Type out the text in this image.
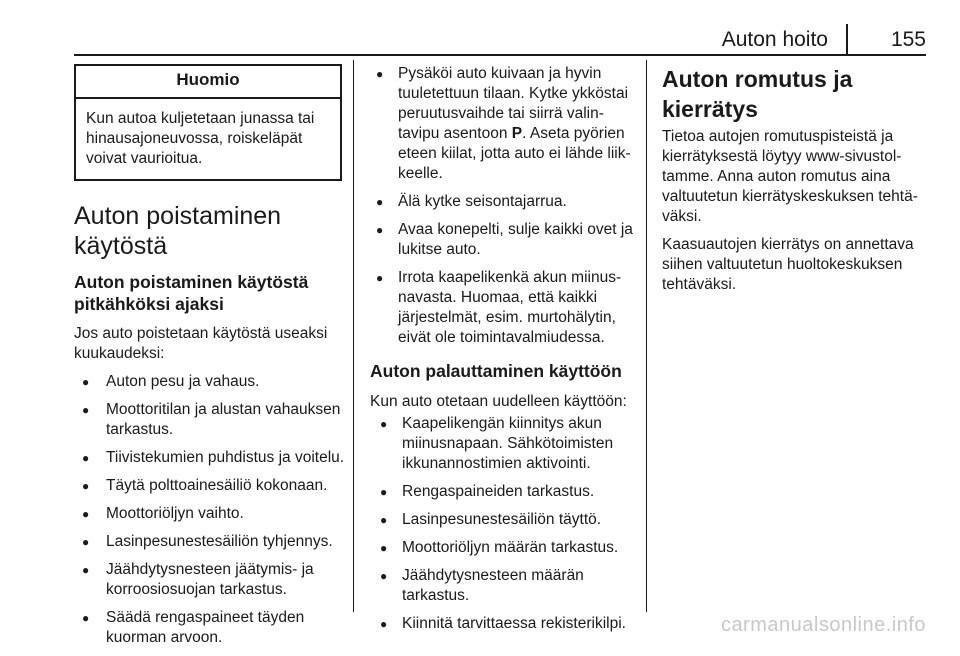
Auton hoito	155
Huomio
Kun autoa kuljetetaan junassa tai hinausajoneuvossa, roiskeläpät voivat vaurioitua.
Auton poistaminen käytöstä
Auton poistaminen käytöstä pitkähköksi ajaksi

Jos auto poistetaan käytöstä useaksi kuukaudeksi:

● Auton pesu ja vahaus.
● Moottoritilan ja alustan vahauksen tarkastus.
● Tiivistekumien puhdistus ja voitelu.
● Täytä polttoainesäiliö kokonaan.
● Moottoriöljyn vaihto.
● Lasinpesunestesäiliön tyhjennys.
● Jäähdytysnesteen jäätymis- ja korroosiosuojan tarkastus.
● Säädä rengaspaineet täyden kuorman arvoon.
● Pysäköi auto kuivaan ja hyvin tuuletettuun tilaan. Kytke ykköstai peruutusvaihde tai siirrä valintavipu asentoon P. Aseta pyörien eteen kiilat, jotta auto ei lähde liikkeelle.
● Älä kytke seisontajarrua.
● Avaa konepelti, sulje kaikki ovet ja lukitse auto.
● Irrota kaapelikenkä akun miinusnavasta. Huomaa, että kaikki järjestelmät, esim. murtohälytin, eivät ole toimintavalmiudessa.
Auton palauttaminen käyttöön

Kun auto otetaan uudelleen käyttöön:

● Kaapelikengän kiinnitys akun miinusnapaan. Sähkötoimisten ikkunannostimien aktivointi.
● Rengaspaineiden tarkastus.
● Lasinpesunestesäiliön täyttö.
● Moottoriöljyn määrän tarkastus.
● Jäähdytysnesteen määrän tarkastus.
● Kiinnitä tarvittaessa rekisterikilpi.
Auton romutus ja kierrätys

Tietoa autojen romutuspisteistä ja kierrätyksestä löytyy www-sivustoltamme. Anna auton romutus aina valtuutetun kierrätyskeskuksen tehtäväksi.

Kaasuautojen kierrätys on annettava siihen valtuutetun huoltokeskuksen tehtäväksi.

carmanualsonline.info
